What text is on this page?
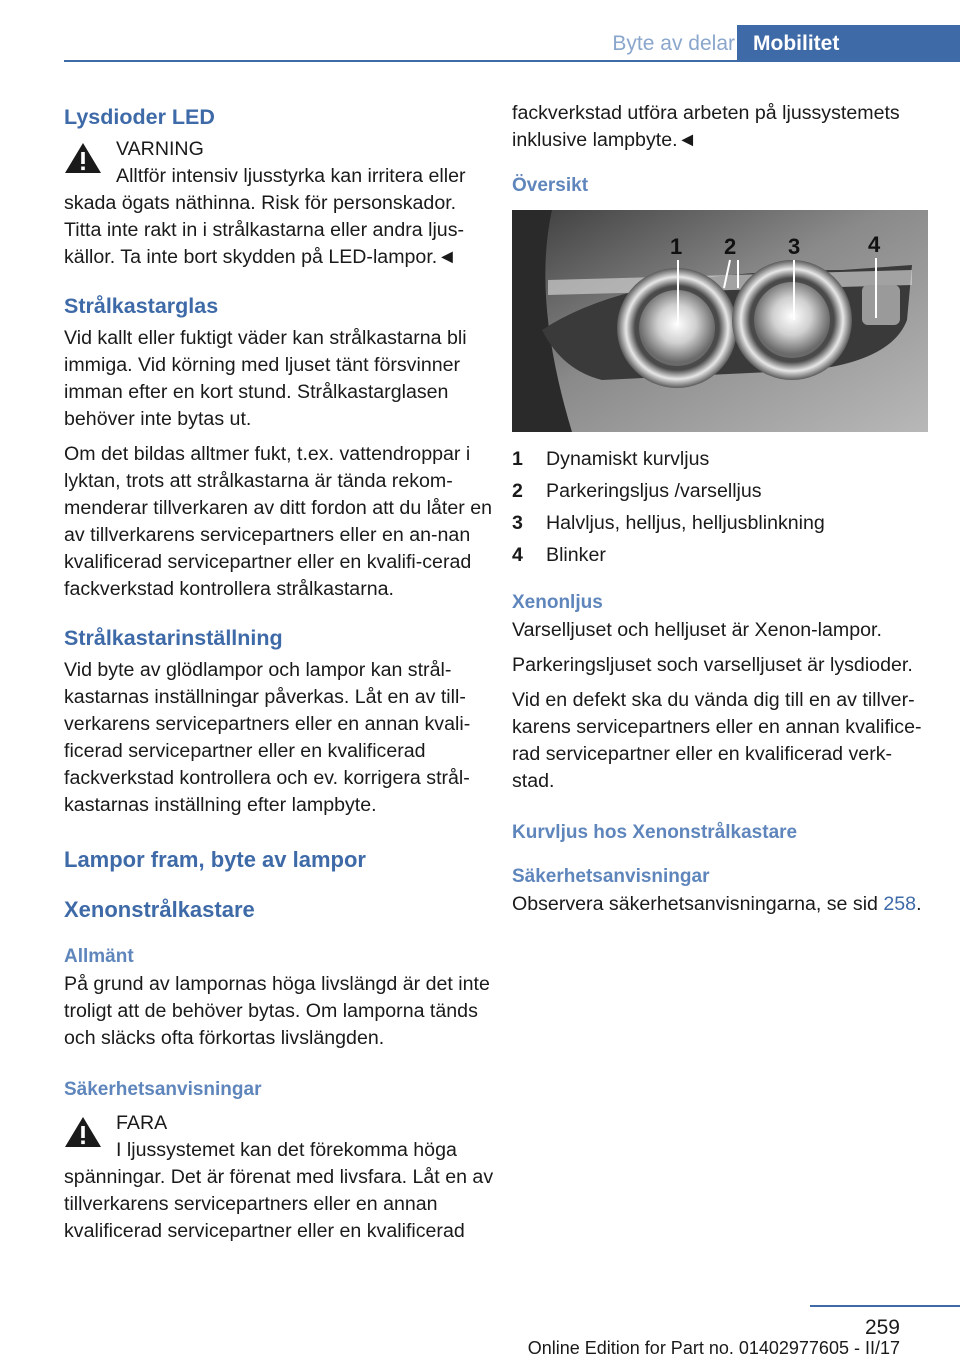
Byte av delar Mobilitet
Lysdioder LED

VARNING

Alltför intensiv ljusstyrka kan irritera eller skada ögats näthinna. Risk för personskador. Titta inte rakt in i strålkastarna eller andra ljus-källor. Ta inte bort skydden på LED-lampor.◄

Strålkastarglas

Vid kallt eller fuktigt väder kan strålkastarna bli immiga. Vid körning med ljuset tänt försvinner imman efter en kort stund. Strålkastarglasen behöver inte bytas ut.

Om det bildas alltmer fukt, t.ex. vattendroppar i lyktan, trots att strålkastarna är tända rekom-menderar tillverkaren av ditt fordon att du låter en av tillverkarens servicepartners eller en an-nan kvalificerad servicepartner eller en kvalifi-cerad fackverkstad kontrollera strålkastarna.

Strålkastarinställning

Vid byte av glödlampor och lampor kan strål-kastarnas inställningar påverkas. Låt en av till-verkarens servicepartners eller en annan kvali-ficerad servicepartner eller en kvalificerad fackverkstad kontrollera och ev. korrigera strål-kastarnas inställning efter lampbyte.

Lampor fram, byte av lampor
Xenonstrålkastare
Allmänt

På grund av lampornas höga livslängd är det inte troligt att de behöver bytas. Om lamporna tänds och släcks ofta förkortas livslängden.

Säkerhetsanvisningar

FARA

I ljussystemet kan det förekomma höga spänningar. Det är förenat med livsfara. Låt en av tillverkarens servicepartners eller en annan kvalificerad servicepartner eller en kvalificerad

fackverkstad utföra arbeten på ljussystemets inklusive lampbyte.◄

Översikt
1 2 3	4
1 Dynamiskt kurvljus
2 Parkeringsljus /varselljus
3 Halvljus, helljus, helljusblinkning
4 Blinker
Xenonljus

Varselljuset och helljuset är Xenon-lampor.

Parkeringsljuset soch varselljuset är lysdioder.

Vid en defekt ska du vända dig till en av tillver-karens servicepartners eller en annan kvalifice-rad servicepartner eller en kvalificerad verk-stad.

Kurvljus hos Xenonstrålkastare
Säkerhetsanvisningar

Observera säkerhetsanvisningarna, se sid 258.

259
Online Edition for Part no. 01402977605 - II/17
